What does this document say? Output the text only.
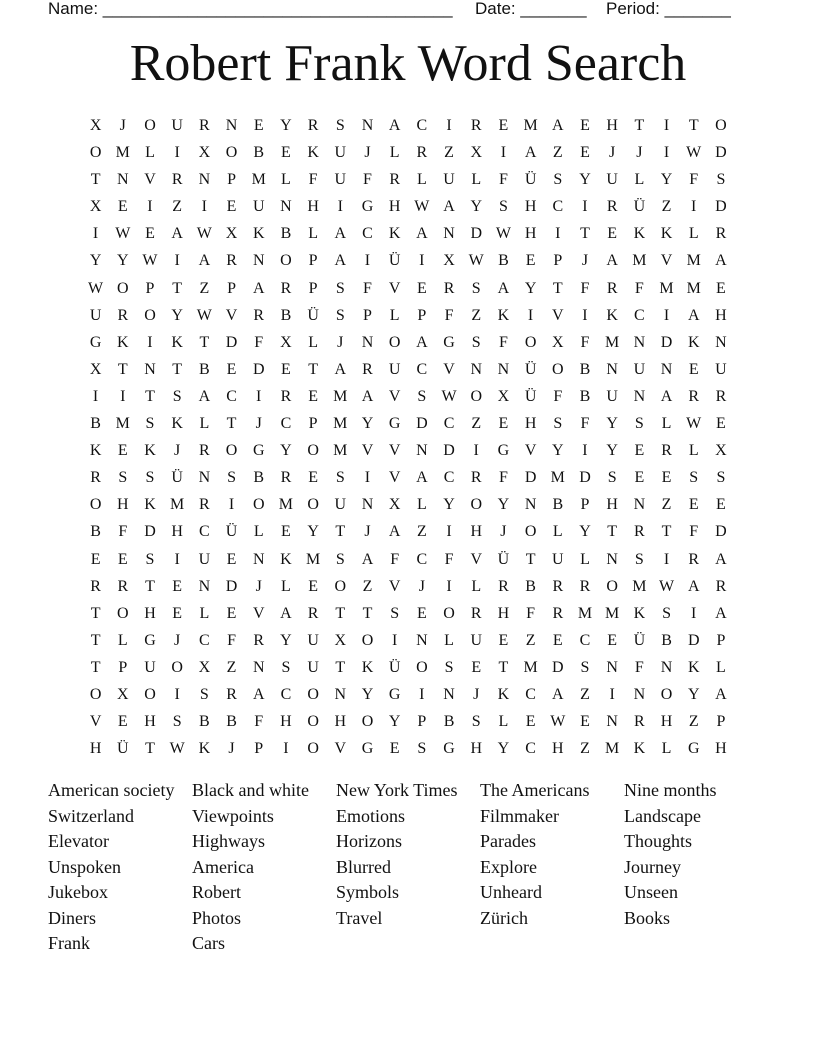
Name: _____________________________________ Date: _______ Period: _______
Robert Frank Word Search
X	J	O U	R	N	E	Y	R	S	N A	C	I	R	E M A	E	H	T	I	T	O
O M L	I	X O	B	E	K U	J	L	R	Z	X	I	A	Z	E	J	J	I	W D
T	N V	R	N	P M L	F	U	F	R	L	U	L	F	Ü	S	Y U	L	Y	F	S
X	E	I	Z	I	E	U N H	I	G H W A Y	S	H	C	I	R	Ü	Z	I	D
I	W E	A W X K	B	L	A	C	K A N D W H	I	T	E	K K	L	R
Y Y W	I	A	R	N O	P	A	I	Ü	I	X W B	E	P	J	A M V M A
W O	P	T	Z	P	A	R	P	S	F	V	E	R	S	A Y	T	F	R	F M M E
U	R	O Y W V	R	B	Ü	S	P	L	P	F	Z	K	I	V	I	K	C	I	A H
G K	I	K	T	D	F	X	L	J	N O A G	S	F	O X	F M N D K N
X	T	N	T	B	E	D	E	T	A	R	U	C	V N N Ü O	B	N U N	E	U
I	I	T	S	A	C	I	R	E M A V	S W O X Ü	F	B	U N A	R	R
B M S	K	L	T	J	C	P M Y G D	C	Z	E	H	S	F	Y	S	L W E
K	E	K	J	R	O G Y O M V V N D	I	G V Y	I	Y	E	R	L	X
R	S	S	Ü N	S	B	R	E	S	I	V A	C	R	F	D M D	S	E	E	S	S
O H K M R	I	O M O U N X	L	Y O Y N	B	P	H N	Z	E	E
B	F	D H	C	Ü	L	E	Y	T	J	A	Z	I	H	J	O	L	Y	T	R	T	F	D
E	E	S	I	U	E	N K M S	A	F	C	F	V Ü	T	U	L	N	S	I	R	A
R	R	T	E	N D	J	L	E	O	Z	V	J	I	L	R	B	R	R	O M W A	R
T	O H	E	L	E	V A	R	T	T	S	E	O	R	H	F	R M M K	S	I	A
T	L	G	J	C	F	R	Y U X O	I	N	L	U	E	Z	E	C	E	Ü	B	D	P
T	P	U O X	Z	N	S	U	T	K Ü O	S	E	T M D	S	N	F	N K	L
O X O	I	S	R	A	C	O N Y G	I	N	J	K	C	A	Z	I	N O Y A
V	E	H	S	B	B	F	H O H O Y	P	B	S	L	E W E	N	R	H	Z	P
H Ü	T W K	J	P	I	O V G	E	S	G H Y	C	H	Z M K	L	G H
American society Black and white	New York Times	The Americans	Nine months
Switzerland	Viewpoints	Emotions	Filmmaker	Landscape
Elevator	Highways	Horizons	Parades	Thoughts
Unspoken	America	Blurred	Explore	Journey
Jukebox	Robert	Symbols	Unheard	Unseen
Diners	Photos	Travel	Zürich	Books
Frank	Cars
